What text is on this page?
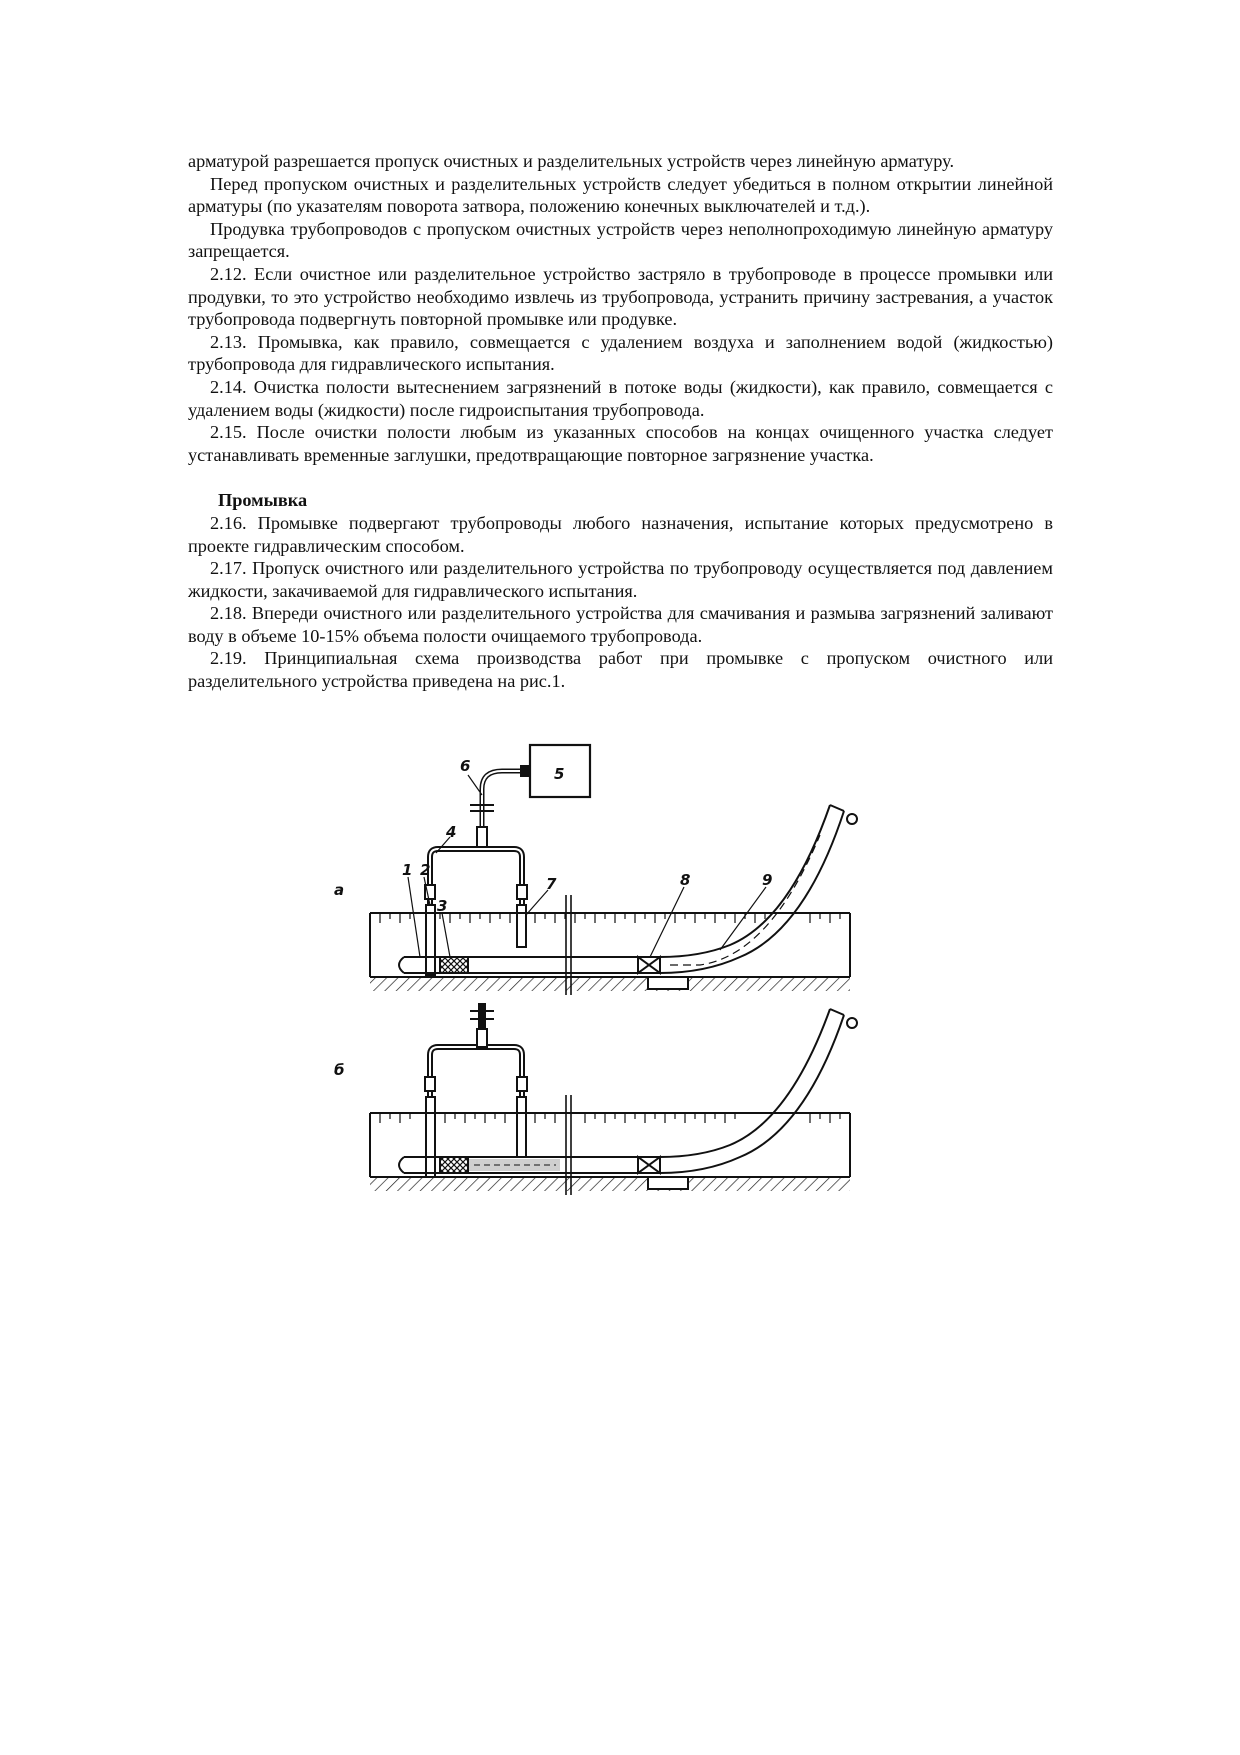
арматурой разрешается пропуск очистных и разделительных устройств через линейную арматуру.

Перед пропуском очистных и разделительных устройств следует убедиться в полном открытии линейной арматуры (по указателям поворота затвора, положению конечных выключателей и т.д.).

Продувка трубопроводов с пропуском очистных устройств через неполнопроходимую линейную арматуру запрещается.

2.12. Если очистное или разделительное устройство застряло в трубопроводе в процессе промывки или продувки, то это устройство необходимо извлечь из трубопровода, устранить причину застревания, а участок трубопровода подвергнуть повторной промывке или продувке.

2.13. Промывка, как правило, совмещается с удалением воздуха и заполнением водой (жидкостью) трубопровода для гидравлического испытания.

2.14. Очистка полости вытеснением загрязнений в потоке воды (жидкости), как правило, совмещается с удалением воды (жидкости) после гидроиспытания трубопровода.

2.15. После очистки полости любым из указанных способов на концах очищенного участка следует устанавливать временные заглушки, предотвращающие повторное загрязнение участка.

Промывка

2.16. Промывке подвергают трубопроводы любого назначения, испытание которых предусмотрено в проекте гидравлическим способом.

2.17. Пропуск очистного или разделительного устройства по трубопроводу осуществляется под давлением жидкости, закачиваемой для гидравлического испытания.

2.18. Впереди очистного или разделительного устройства для смачивания и размыва загрязнений заливают воду в объеме 10-15% объема полости очищаемого трубопровода.

2.19. Принципиальная схема производства работ при промывке с пропуском очистного или разделительного устройства приведена на рис.1.

а
1 2
3
4
5
6
7	8	9
б
